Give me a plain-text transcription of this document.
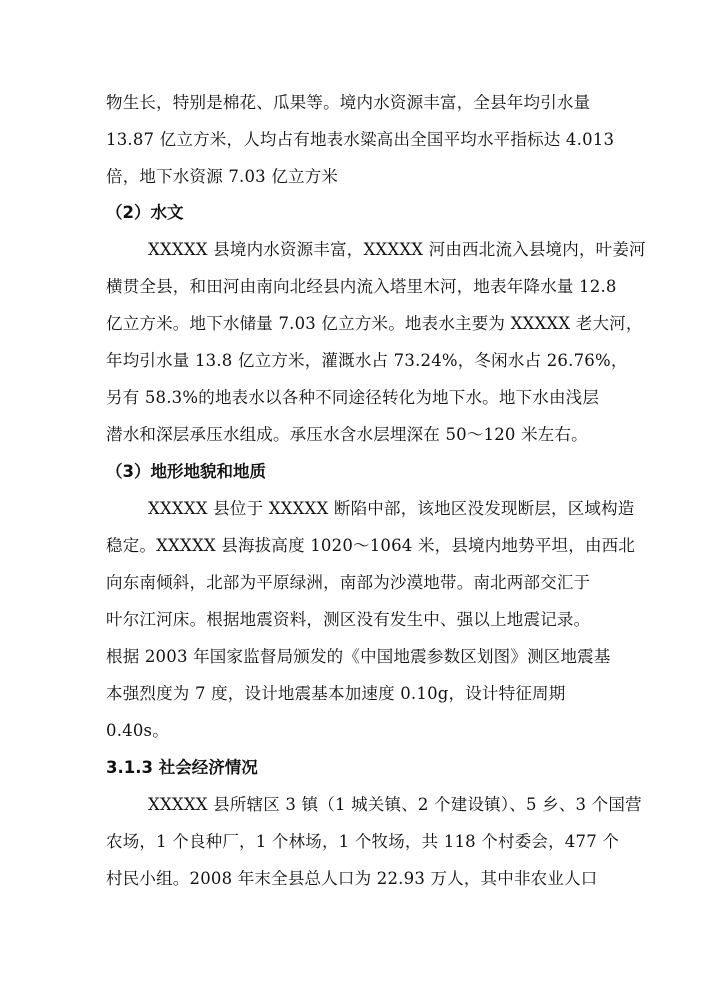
物生长，特别是棉花、瓜果等。境内水资源丰富，全县年均引水量
13.87 亿立方米，人均占有地表水粱高出全国平均水平指标达 4.013
倍，地下水资源 7.03 亿立方米
（2）水文
XXXXX 县境内水资源丰富，XXXXX 河由西北流入县境内，叶姜河
横贯全县，和田河由南向北经县内流入塔里木河，地表年降水量 12.8
亿立方米。地下水储量 7.03 亿立方米。地表水主要为 XXXXX 老大河，
年均引水量 13.8 亿立方米，灌溉水占 73.24%，冬闲水占 26.76%，
另有 58.3%的地表水以各种不同途径转化为地下水。地下水由浅层
潜水和深层承压水组成。承压水含水层埋深在 50～120 米左右。
（3）地形地貌和地质
XXXXX 县位于 XXXXX 断陷中部，该地区没发现断层，区域构造
稳定。XXXXX 县海拔高度 1020～1064 米，县境内地势平坦，由西北
向东南倾斜，北部为平原绿洲，南部为沙漠地带。南北两部交汇于
叶尔江河床。根据地震资料，测区没有发生中、强以上地震记录。
根据 2003 年国家监督局颁发的《中国地震参数区划图》测区地震基
本强烈度为 7 度，设计地震基本加速度 0.10g，设计特征周期
0.40s。
3.1.3 社会经济情况
XXXXX 县所辖区 3 镇（1 城关镇、2 个建设镇）、5 乡、3 个国营
农场，1 个良种厂，1 个林场，1 个牧场，共 118 个村委会，477 个
村民小组。2008 年末全县总人口为 22.93 万人，其中非农业人口
